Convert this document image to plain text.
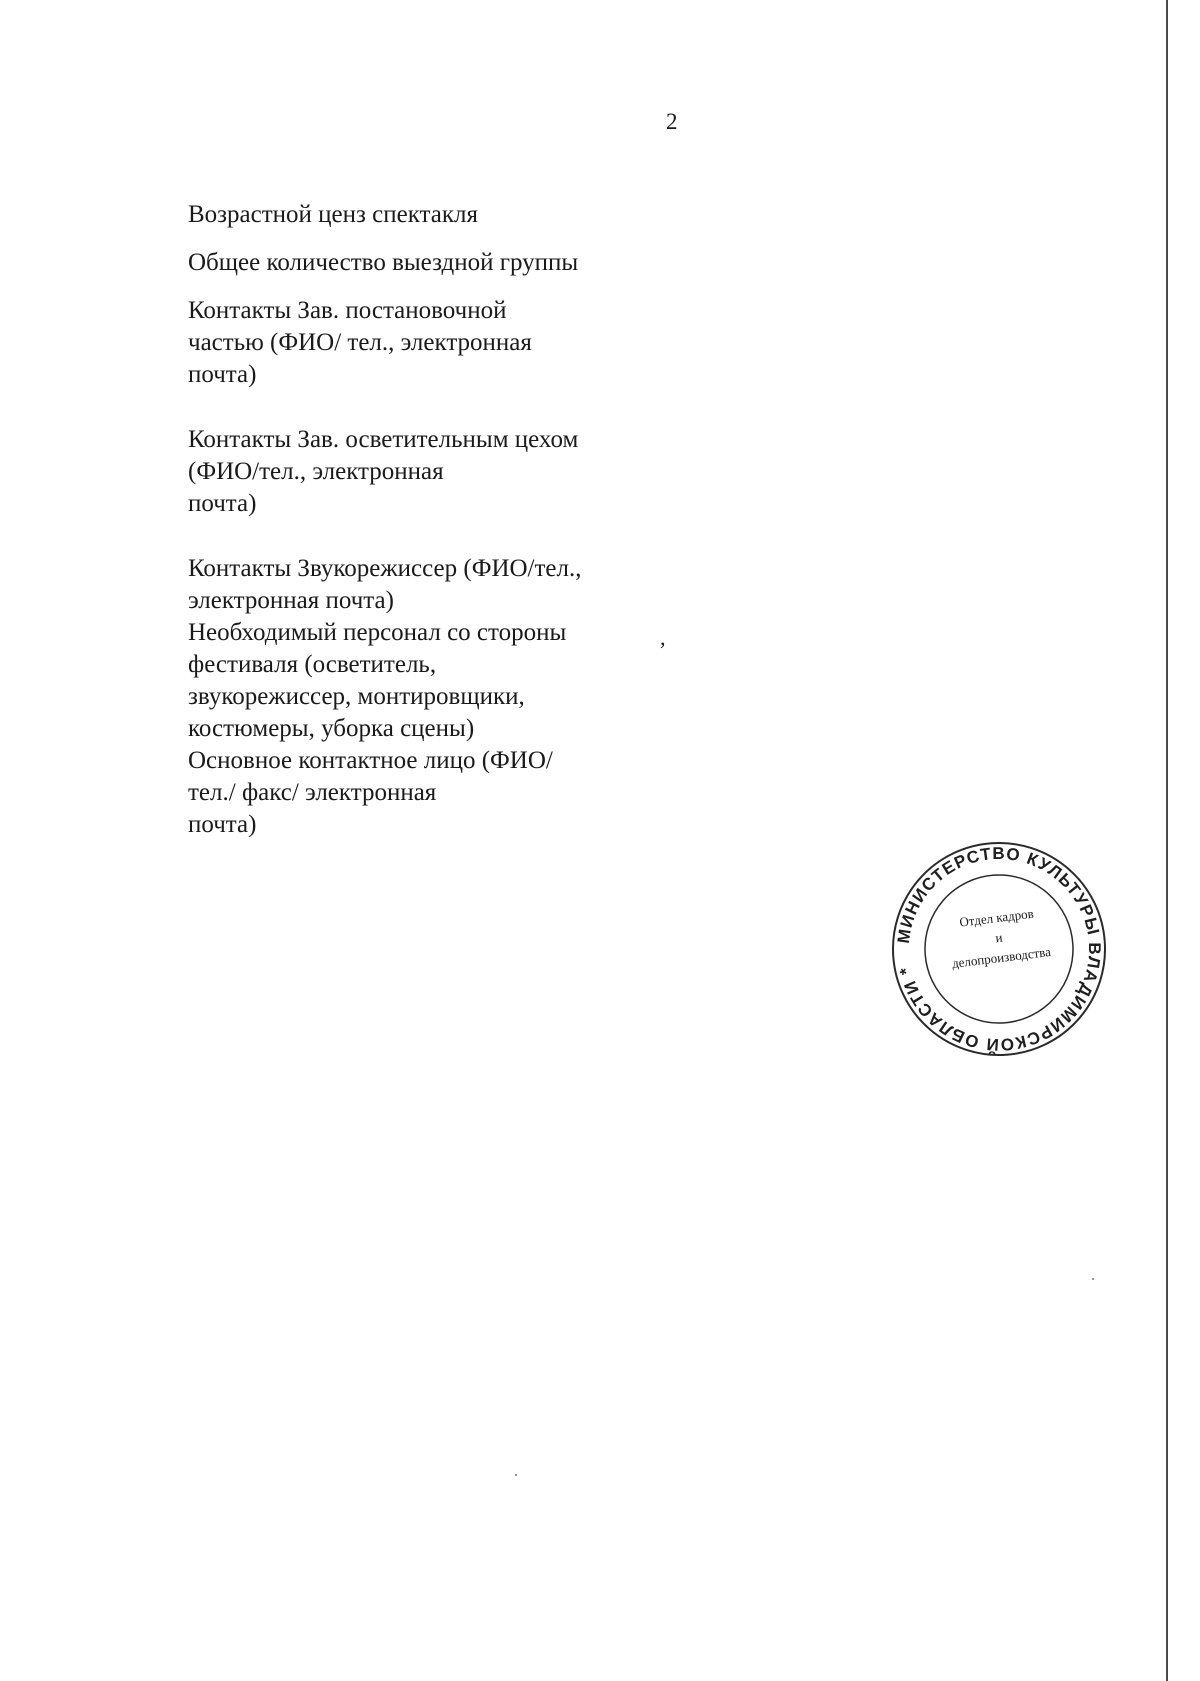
2
Возрастной ценз спектакля
Общее количество выездной группы
Контакты Зав. постановочной
частью (ФИО/ тел., электронная
почта)
Контакты Зав. осветительным цехом
(ФИО/тел., электронная
почта)
Контакты Звукорежиссер (ФИО/тел.,
электронная почта)
Необходимый персонал со стороны
фестиваля (осветитель,
звукорежиссер, монтировщики,
костюмеры, уборка сцены)
Основное контактное лицо (ФИО/
тел./ факс/ электронная
почта)
,
МИНИСТЕРСТВО КУЛЬТУРЫ ВЛАДИМИРСКОЙ ОБЛАСТИ *
Отдел кадров
и
делопроизводства
